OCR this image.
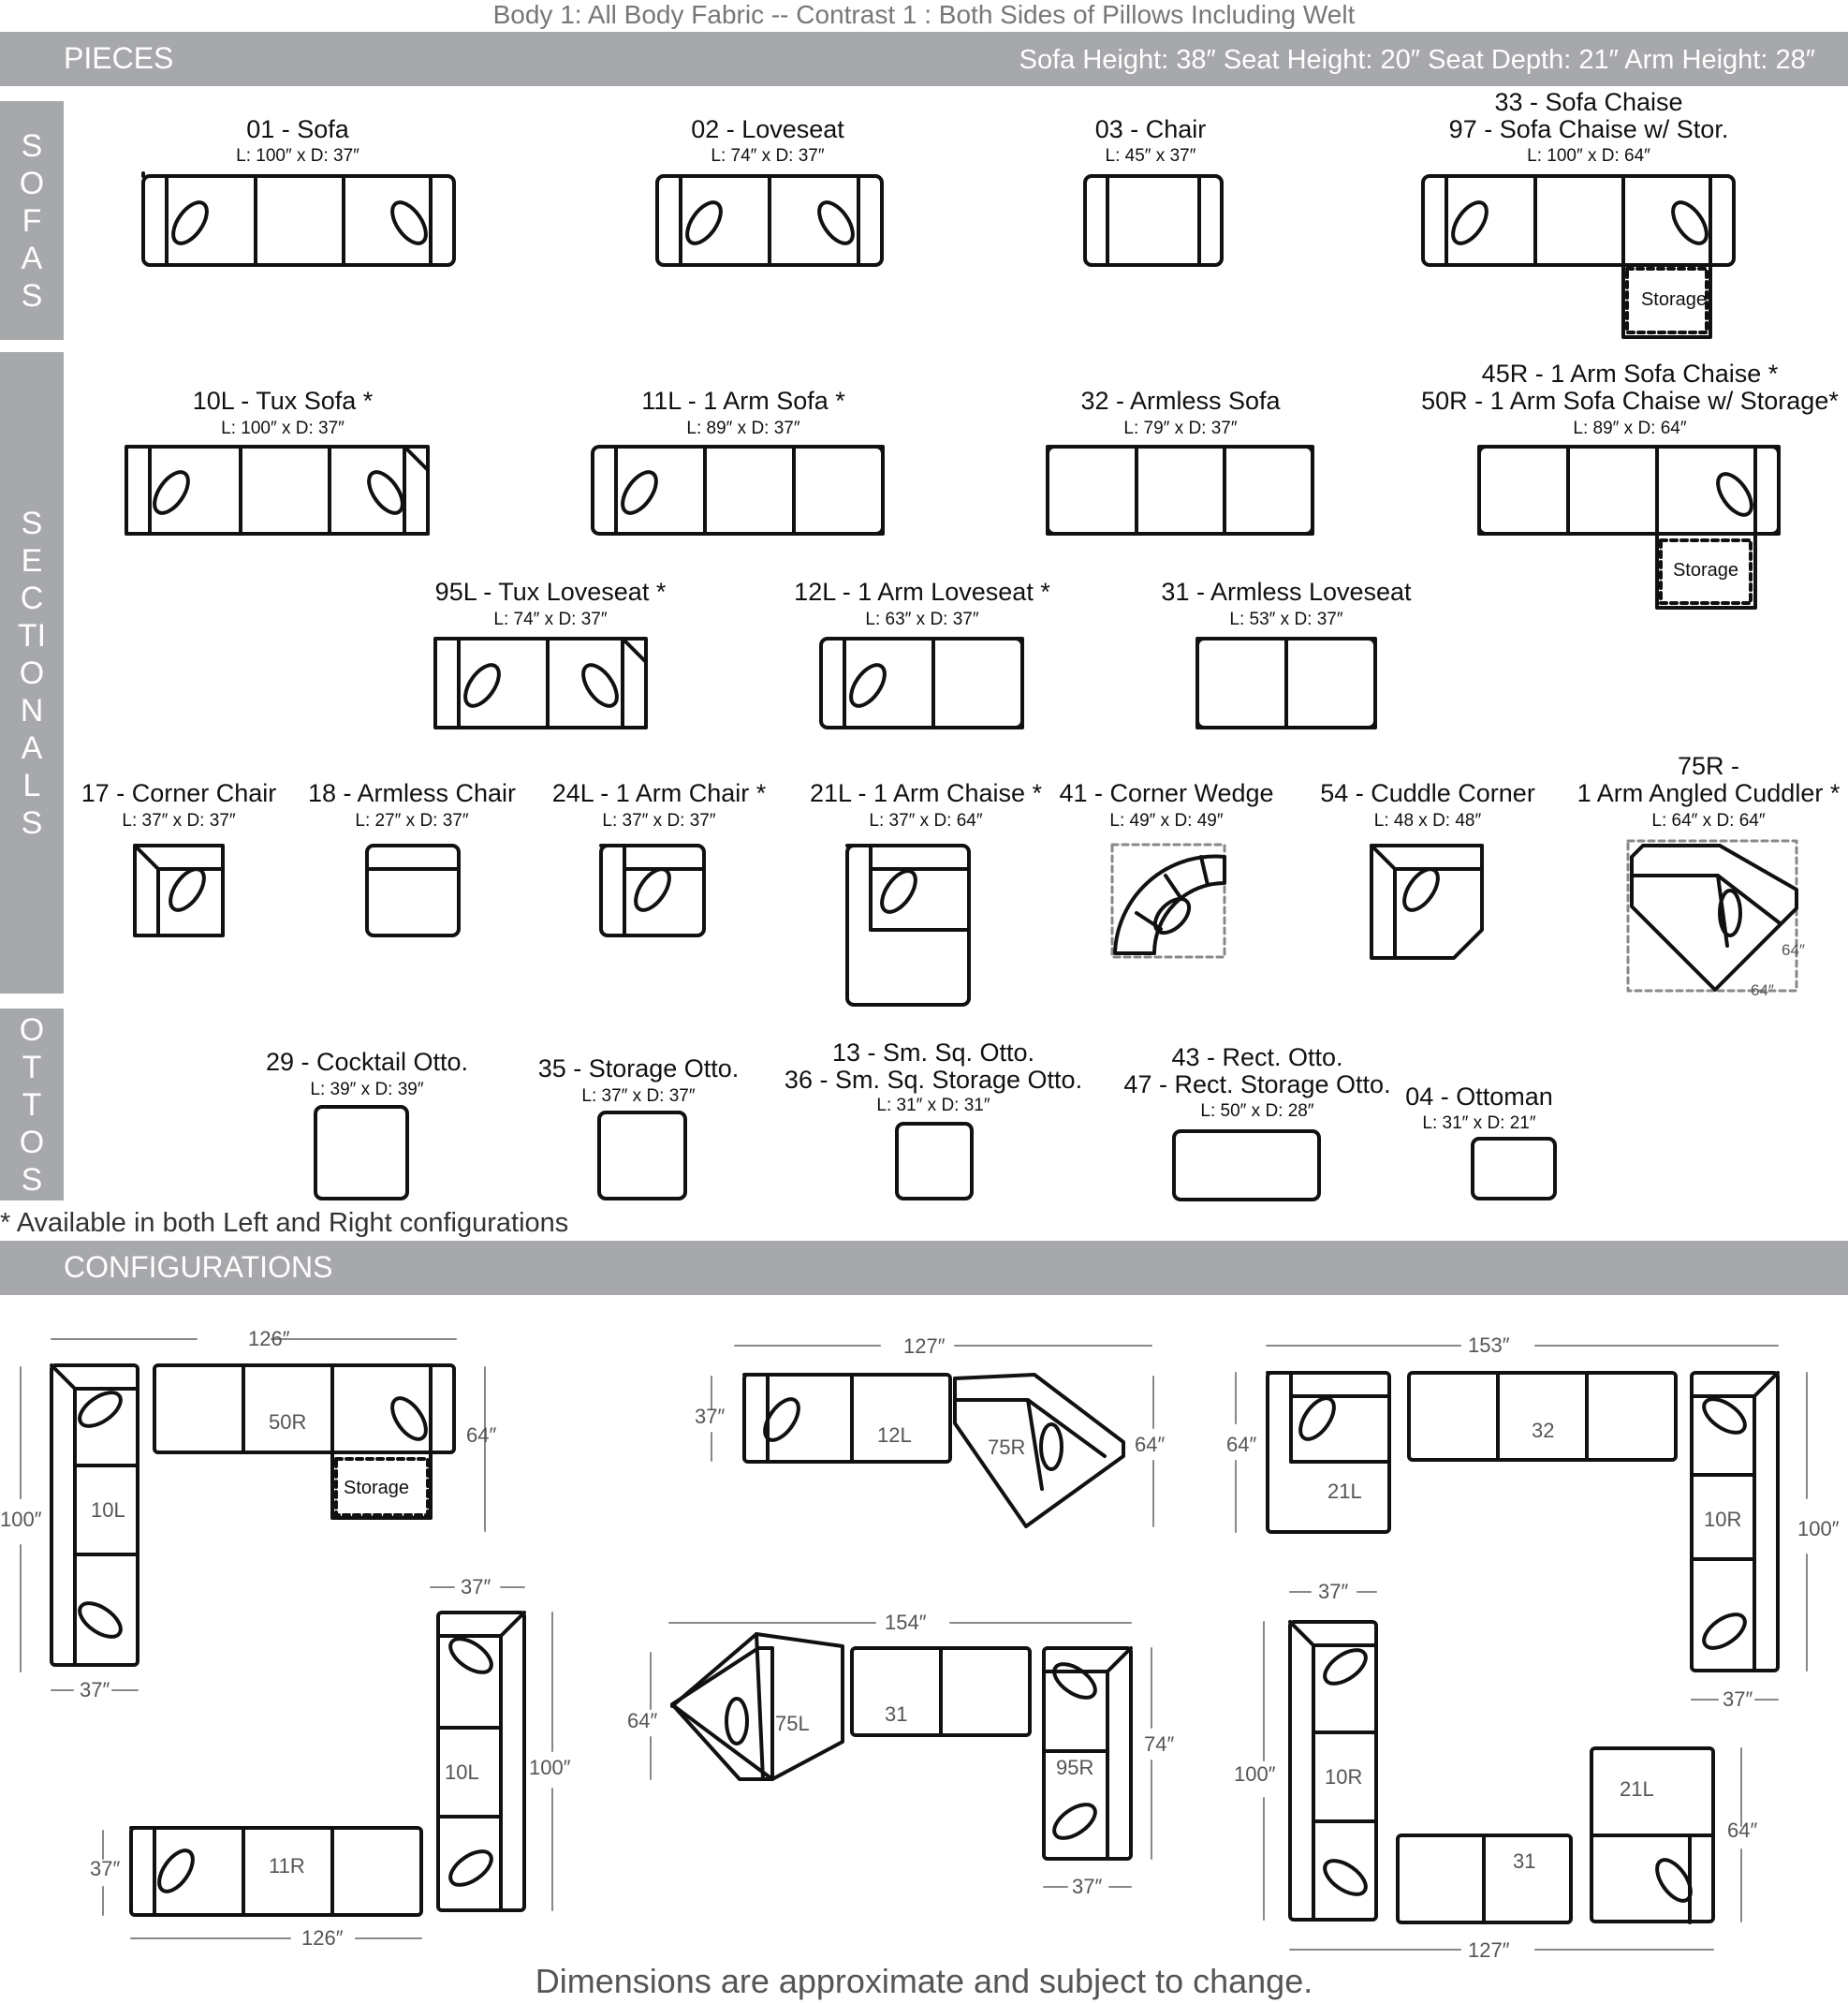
Body 1: All Body Fabric -- Contrast 1 : Both Sides of Pillows Including Welt
PIECES	Sofa Height: 38″ Seat Height: 20″ Seat Depth: 21″ Arm Height: 28″
SOFAS
SECTIONALS
OTTOS
01 - Sofa
L: 100″ x D: 37″
02 - Loveseat
L: 74″ x D: 37″
03 - Chair
L: 45″ x 37″
33 - Sofa Chaise
97 - Sofa Chaise w/ Stor.
L: 100″ x D: 64″
10L - Tux Sofa *
L: 100″ x D: 37″
11L - 1 Arm Sofa *
L: 89″ x D: 37″
32 - Armless Sofa
L: 79″ x D: 37″
45R - 1 Arm Sofa Chaise *
50R - 1 Arm Sofa Chaise w/ Storage*
L: 89″ x D: 64″
95L - Tux Loveseat *
L: 74″ x D: 37″
12L - 1 Arm Loveseat *
L: 63″ x D: 37″
31 - Armless Loveseat
L: 53″ x D: 37″
17 - Corner Chair
L: 37″ x D: 37″
18 - Armless Chair
L: 27″ x D: 37″
24L - 1 Arm Chair *
L: 37″ x D: 37″
21L - 1 Arm Chaise *
L: 37″ x D: 64″
41 - Corner Wedge
L: 49″ x D: 49″
54 - Cuddle Corner
L: 48 x D: 48″
75R -
1 Arm Angled Cuddler *
L: 64″ x D: 64″
29 - Cocktail Otto.
L: 39″ x D: 39″
35 - Storage Otto.
L: 37″ x D: 37″
13 - Sm. Sq. Otto.
36 - Sm. Sq. Storage Otto.
L: 31″ x D: 31″
43 - Rect. Otto.
47 - Rect. Storage Otto.
L: 50″ x D: 28″
04 - Ottoman
L: 31″ x D: 21″
* Available in both Left and Right configurations
CONFIGURATIONS
Storage
Storage
64″
64″
126″
64″
100″
37″
50R
10L
Storage
127″
37″
64″
12L
75R
153″
64″
100″
37″
21L
32
10R
37″
100″
37″
126″
10L
11R
154″
64″
74″
37″
75L	31
95R
37″
100″
64″
127″
10R
31
21L
Dimensions are approximate and subject to change.
